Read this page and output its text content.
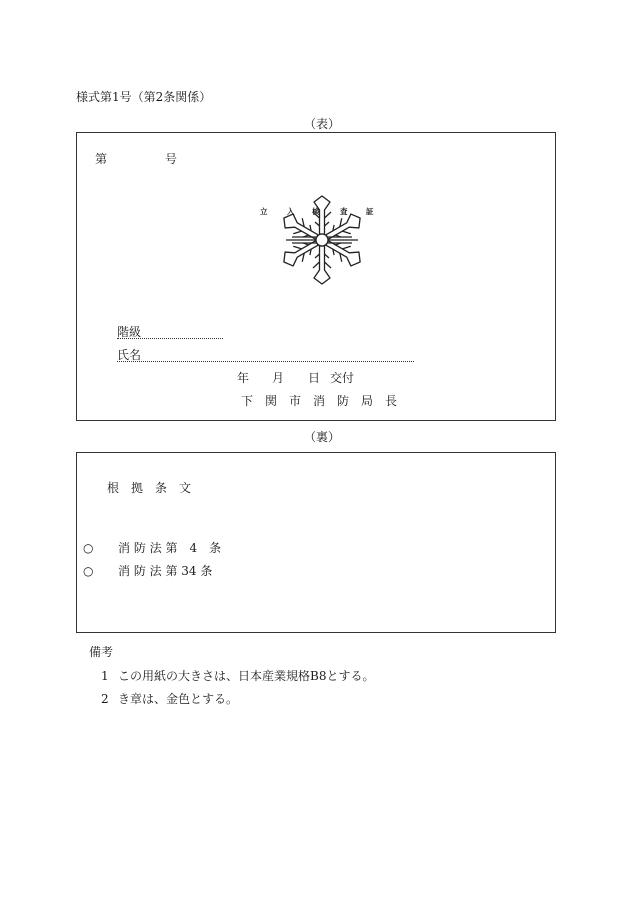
様式第1号（第2条関係）
（表）
第	号
立	入 検	査 証
階級
氏名
年 月 日 交付
下　関　市　消　防　局　長
（裏）
根　拠　条　文
○ 消 防 法 第　4　条
○ 消 防 法 第 34 条
備考
1 この用紙の大きさは、日本産業規格B8とする。
2 き章は、金色とする。
